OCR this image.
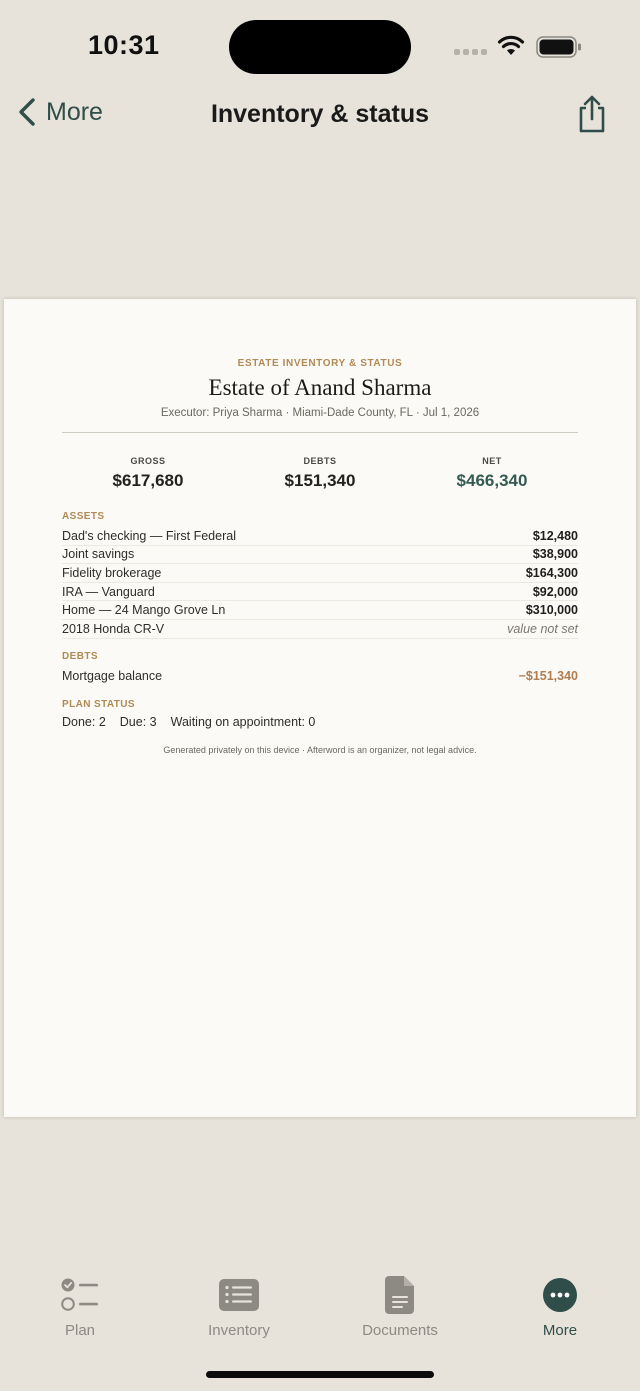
10:31
More	Inventory & status
ESTATE INVENTORY & STATUS
Estate of Anand Sharma
Executor: Priya Sharma · Miami-Dade County, FL · Jul 1, 2026
GROSS
$617,680
DEBTS
$151,340
NET
$466,340
ASSETS
Dad's checking — First Federal	$12,480
Joint savings	$38,900
Fidelity brokerage	$164,300
IRA — Vanguard	$92,000
Home — 24 Mango Grove Ln	$310,000
2018 Honda CR-V	value not set
DEBTS
Mortgage balance	−$151,340
PLAN STATUS
Done: 2 Due: 3 Waiting on appointment: 0
Generated privately on this device · Afterword is an organizer, not legal advice.
Plan	Inventory	Documents	More
